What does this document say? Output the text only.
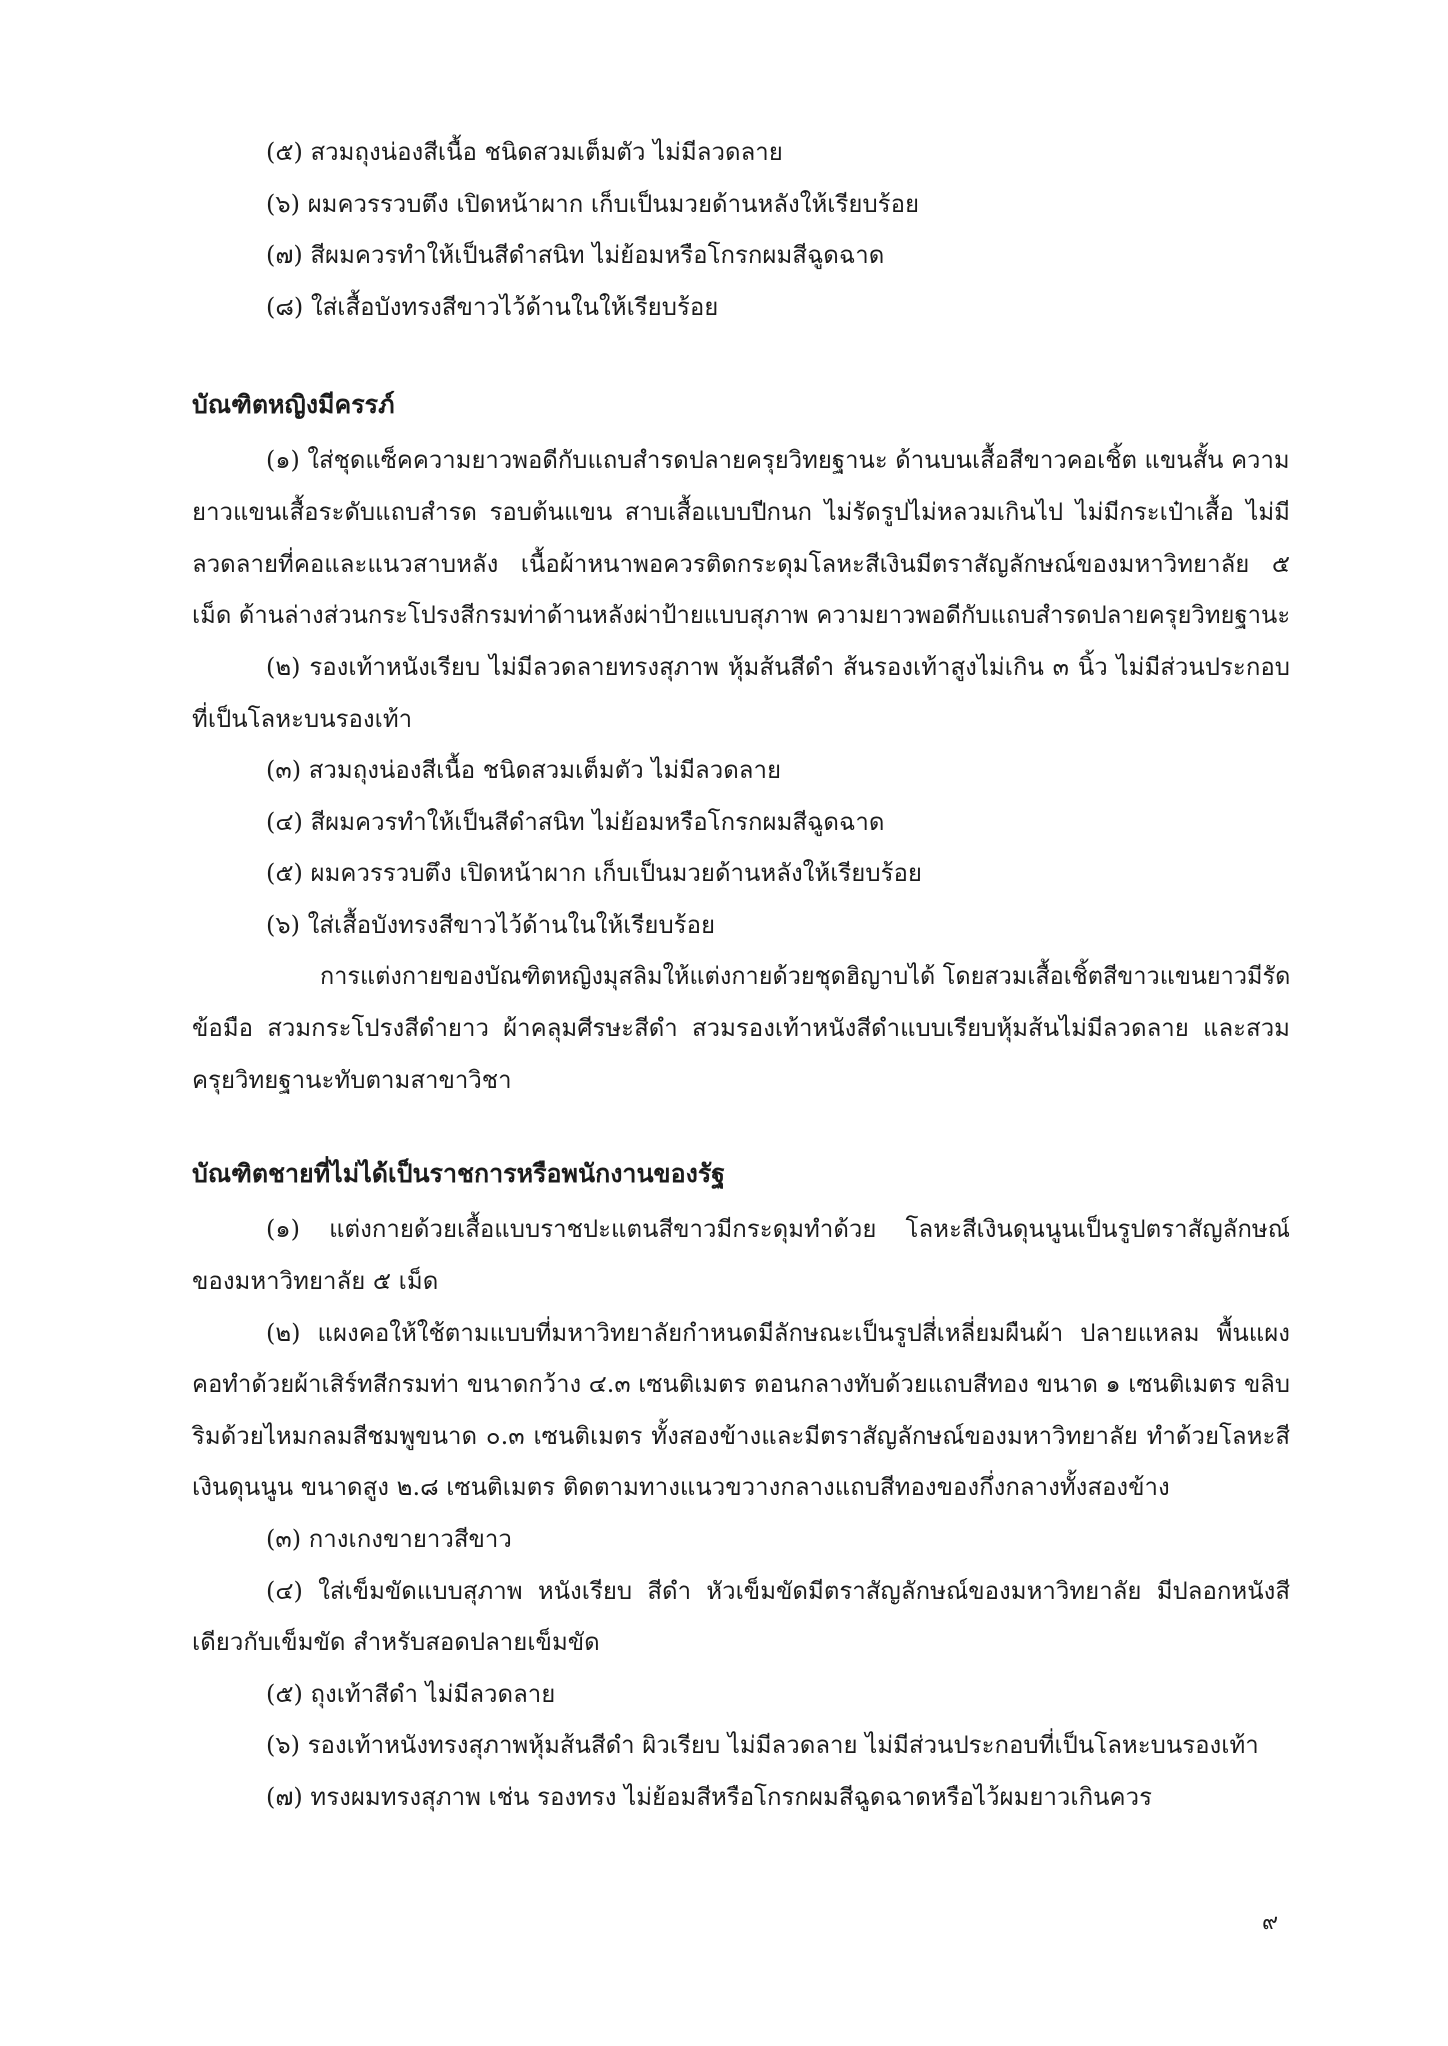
(๕) สวมถุงน่องสีเนื้อ ชนิดสวมเต็มตัว ไม่มีลวดลาย
(๖) ผมควรรวบตึง เปิดหน้าผาก เก็บเป็นมวยด้านหลังให้เรียบร้อย
(๗) สีผมควรทำให้เป็นสีดำสนิท ไม่ย้อมหรือโกรกผมสีฉูดฉาด
(๘) ใส่เสื้อบังทรงสีขาวไว้ด้านในให้เรียบร้อย
บัณฑิตหญิงมีครรภ์
(๑) ใส่ชุดแซ็คความยาวพอดีกับแถบสำรดปลายครุยวิทยฐานะ ด้านบนเสื้อสีขาวคอเชิ้ต แขนสั้น ความ
ยาวแขนเสื้อระดับแถบสำรด รอบต้นแขน สาบเสื้อแบบปีกนก ไม่รัดรูปไม่หลวมเกินไป ไม่มีกระเป๋าเสื้อ ไม่มี
ลวดลายที่คอและแนวสาบหลัง เนื้อผ้าหนาพอควรติดกระดุมโลหะสีเงินมีตราสัญลักษณ์ของมหาวิทยาลัย ๕
เม็ด ด้านล่างส่วนกระโปรงสีกรมท่าด้านหลังผ่าป้ายแบบสุภาพ ความยาวพอดีกับแถบสำรดปลายครุยวิทยฐานะ
(๒) รองเท้าหนังเรียบ ไม่มีลวดลายทรงสุภาพ หุ้มส้นสีดำ ส้นรองเท้าสูงไม่เกิน ๓ นิ้ว ไม่มีส่วนประกอบ
ที่เป็นโลหะบนรองเท้า
(๓) สวมถุงน่องสีเนื้อ ชนิดสวมเต็มตัว ไม่มีลวดลาย
(๔) สีผมควรทำให้เป็นสีดำสนิท ไม่ย้อมหรือโกรกผมสีฉูดฉาด
(๕) ผมควรรวบตึง เปิดหน้าผาก เก็บเป็นมวยด้านหลังให้เรียบร้อย
(๖) ใส่เสื้อบังทรงสีขาวไว้ด้านในให้เรียบร้อย
การแต่งกายของบัณฑิตหญิงมุสลิมให้แต่งกายด้วยชุดฮิญาบได้ โดยสวมเสื้อเชิ้ตสีขาวแขนยาวมีรัด
ข้อมือ สวมกระโปรงสีดำยาว ผ้าคลุมศีรษะสีดำ สวมรองเท้าหนังสีดำแบบเรียบหุ้มส้นไม่มีลวดลาย และสวม
ครุยวิทยฐานะทับตามสาขาวิชา
บัณฑิตชายที่ไม่ได้เป็นราชการหรือพนักงานของรัฐ
(๑) แต่งกายด้วยเสื้อแบบราชปะแตนสีขาวมีกระดุมทำด้วย โลหะสีเงินดุนนูนเป็นรูปตราสัญลักษณ์
ของมหาวิทยาลัย ๕ เม็ด
(๒) แผงคอให้ใช้ตามแบบที่มหาวิทยาลัยกำหนดมีลักษณะเป็นรูปสี่เหลี่ยมผืนผ้า ปลายแหลม พื้นแผง
คอทำด้วยผ้าเสิร์ทสีกรมท่า ขนาดกว้าง ๔.๓ เซนติเมตร ตอนกลางทับด้วยแถบสีทอง ขนาด ๑ เซนติเมตร ขลิบ
ริมด้วยไหมกลมสีชมพูขนาด ๐.๓ เซนติเมตร ทั้งสองข้างและมีตราสัญลักษณ์ของมหาวิทยาลัย ทำด้วยโลหะสี
เงินดุนนูน ขนาดสูง ๒.๘ เซนติเมตร ติดตามทางแนวขวางกลางแถบสีทองของกึ่งกลางทั้งสองข้าง
(๓) กางเกงขายาวสีขาว
(๔) ใส่เข็มขัดแบบสุภาพ หนังเรียบ สีดำ หัวเข็มขัดมีตราสัญลักษณ์ของมหาวิทยาลัย มีปลอกหนังสี
เดียวกับเข็มขัด สำหรับสอดปลายเข็มขัด
(๕) ถุงเท้าสีดำ ไม่มีลวดลาย
(๖) รองเท้าหนังทรงสุภาพหุ้มส้นสีดำ ผิวเรียบ ไม่มีลวดลาย ไม่มีส่วนประกอบที่เป็นโลหะบนรองเท้า
(๗) ทรงผมทรงสุภาพ เช่น รองทรง ไม่ย้อมสีหรือโกรกผมสีฉูดฉาดหรือไว้ผมยาวเกินควร
๙
